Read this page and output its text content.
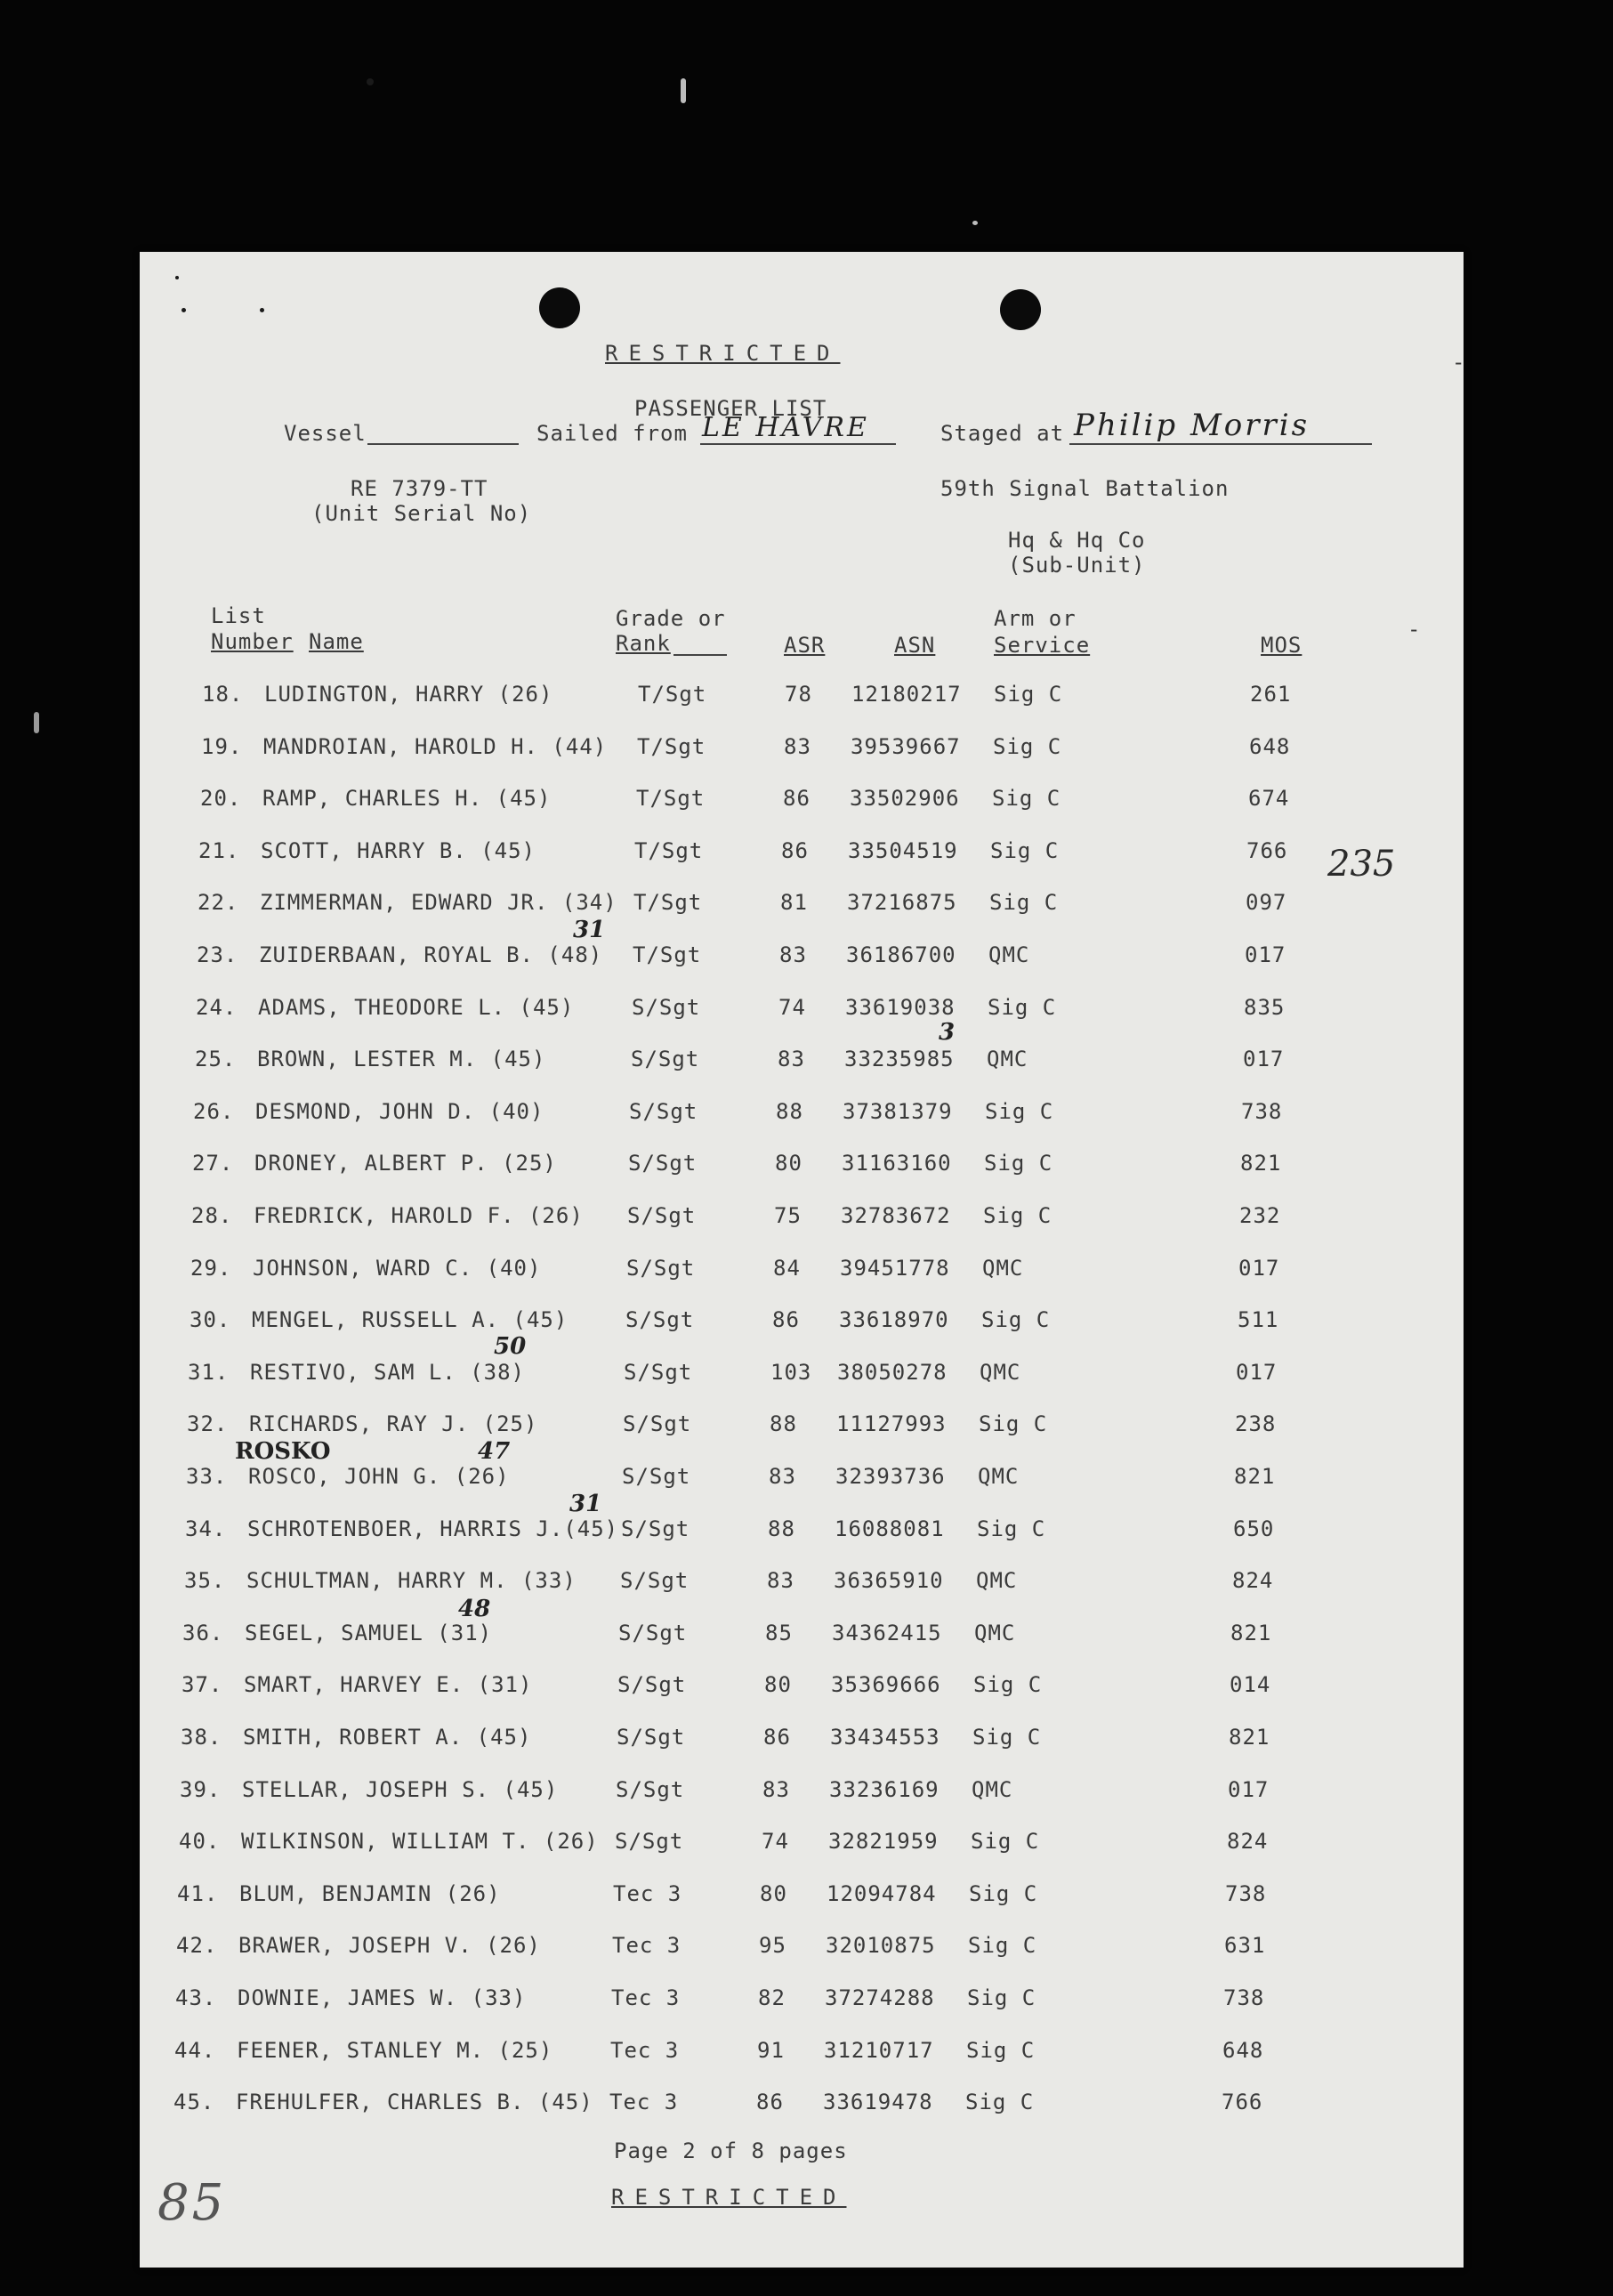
RESTRICTED
PASSENGER LIST
Vessel	Sailed from LE HAVRE	Staged at Philip Morris
RE 7379-TT
(Unit Serial No)
59th Signal Battalion
Hq & Hq Co
(Sub-Unit)
List
Number Name
Grade or
Rank	ASR	ASN
Arm or
Service	MOS
-
-
18. LUDINGTON, HARRY (26)	T/Sgt	78 12180217 Sig C	261
19. MANDROIAN, HAROLD H. (44) T/Sgt	83 39539667 Sig C	648
20. RAMP, CHARLES H. (45)	T/Sgt	86 33502906 Sig C	674
21. SCOTT, HARRY B. (45)	T/Sgt	86 33504519 Sig C	766
22. ZIMMERMAN, EDWARD JR. (34) T/Sgt	81 37216875 Sig C	097
23. ZUIDERBAAN, ROYAL B. (48) T/Sgt	83 36186700 QMC	017
24. ADAMS, THEODORE L. (45)	S/Sgt	74 33619038 Sig C	835
25. BROWN, LESTER M. (45)	S/Sgt	83 33235985 QMC	017
26. DESMOND, JOHN D. (40)	S/Sgt	88 37381379 Sig C	738
27. DRONEY, ALBERT P. (25)	S/Sgt	80 31163160 Sig C	821
28. FREDRICK, HAROLD F. (26) S/Sgt	75 32783672 Sig C	232
29. JOHNSON, WARD C. (40)	S/Sgt	84 39451778 QMC	017
30. MENGEL, RUSSELL A. (45)	S/Sgt	86 33618970 Sig C	511
31. RESTIVO, SAM L. (38)	S/Sgt	103 38050278 QMC	017
32. RICHARDS, RAY J. (25)	S/Sgt	88 11127993 Sig C	238
33. ROSCO, JOHN G. (26)	S/Sgt	83 32393736 QMC	821
34. SCHROTENBOER, HARRIS J.(45) S/Sgt	88 16088081 Sig C	650
35. SCHULTMAN, HARRY M. (33) S/Sgt	83 36365910 QMC	824
36. SEGEL, SAMUEL (31)	S/Sgt	85 34362415 QMC	821
37. SMART, HARVEY E. (31)	S/Sgt	80 35369666 Sig C	014
38. SMITH, ROBERT A. (45)	S/Sgt	86 33434553 Sig C	821
39. STELLAR, JOSEPH S. (45)	S/Sgt	83 33236169 QMC	017
40. WILKINSON, WILLIAM T. (26) S/Sgt	74 32821959 Sig C	824
41. BLUM, BENJAMIN (26)	Tec 3	80 12094784 Sig C	738
42. BRAWER, JOSEPH V. (26)	Tec 3	95 32010875 Sig C	631
43. DOWNIE, JAMES W. (33)	Tec 3	82 37274288 Sig C	738
44. FEENER, STANLEY M. (25)	Tec 3	91 31210717 Sig C	648
45. FREHULFER, CHARLES B. (45) Tec 3	86 33619478 Sig C	766
235
31
3
50
ROSKO	47
31
48
Page 2 of 8 pages
RESTRICTED
85
